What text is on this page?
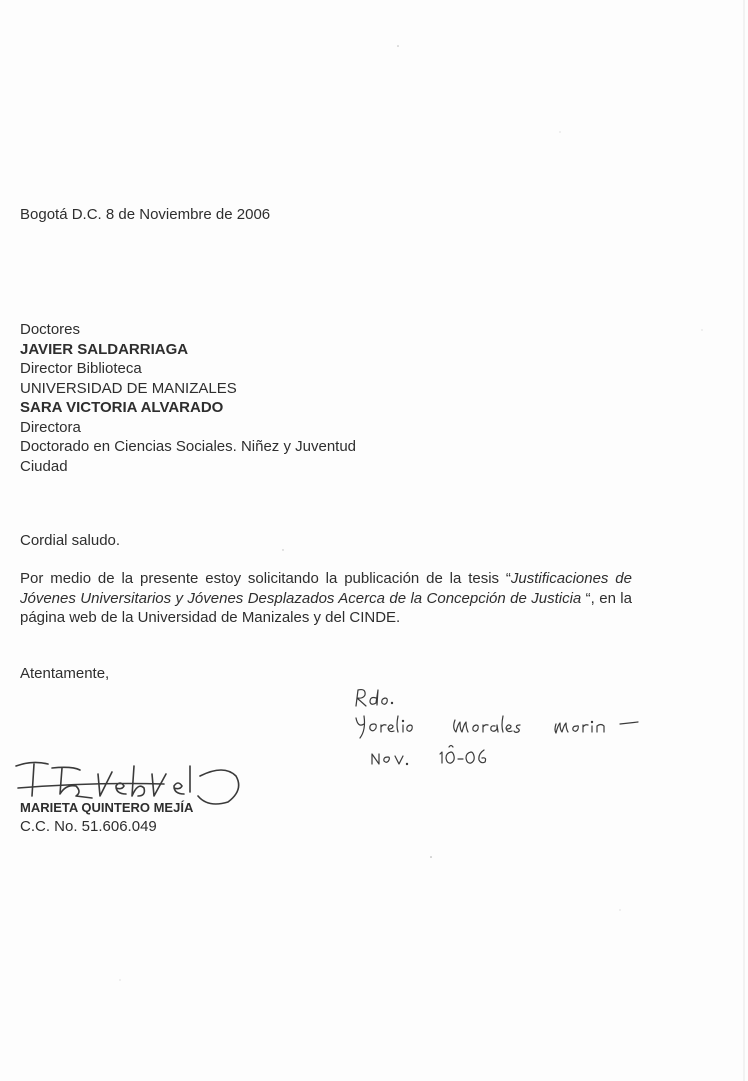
Bogotá D.C. 8 de Noviembre de 2006
Doctores
JAVIER SALDARRIAGA
Director Biblioteca
UNIVERSIDAD DE MANIZALES
SARA VICTORIA ALVARADO
Directora
Doctorado en Ciencias Sociales. Niñez y Juventud
Ciudad
Cordial saludo.
Por medio de la presente estoy solicitando la publicación de la tesis “Justificaciones de Jóvenes Universitarios y Jóvenes Desplazados Acerca de la Concepción de Justicia “, en la página web de la Universidad de Manizales y del CINDE.
Atentamente,
MARIETA QUINTERO MEJÍA
C.C. No. 51.606.049
